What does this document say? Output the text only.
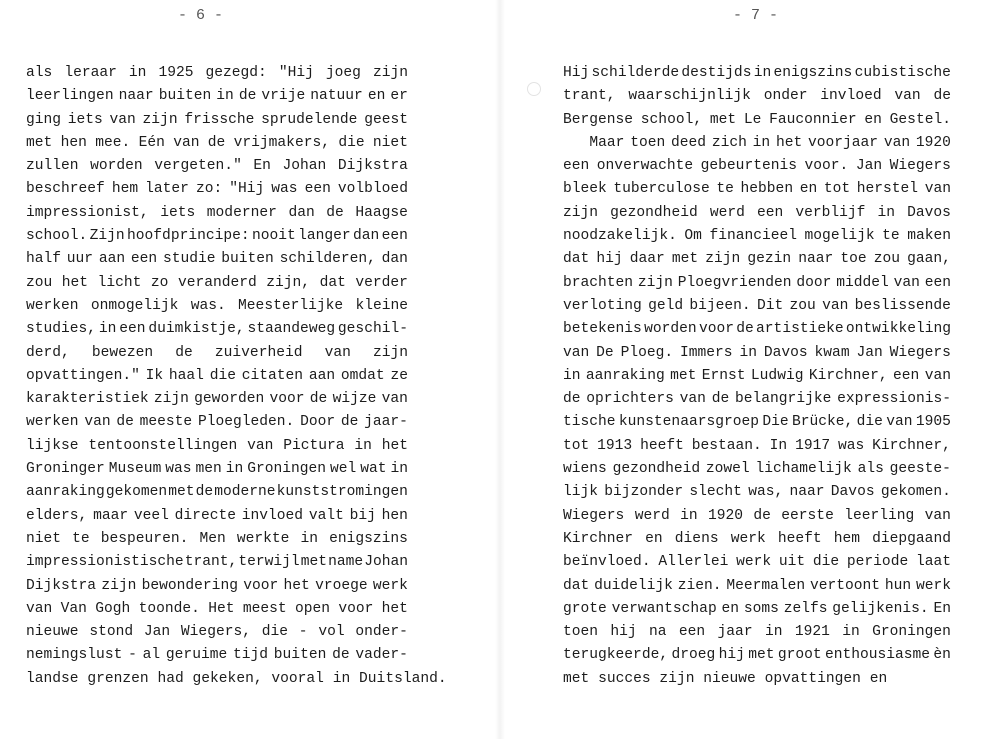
- 6 -
als leraar in 1925 gezegd: "Hij joeg zijn
leerlingen naar buiten in de vrije natuur en er
ging iets van zijn frissche sprudelende geest
met hen mee. Eén van de vrijmakers, die niet
zullen worden vergeten." En Johan Dijkstra
beschreef hem later zo: "Hij was een volbloed
impressionist, iets moderner dan de Haagse
school. Zijn hoofdprincipe: nooit langer dan een
half uur aan een studie buiten schilderen, dan
zou het licht zo veranderd zijn, dat verder
werken onmogelijk was. Meesterlijke kleine
studies, in een duimkistje, staandeweg geschil-
derd, bewezen de zuiverheid van zijn
opvattingen." Ik haal die citaten aan omdat ze
karakteristiek zijn geworden voor de wijze van
werken van de meeste Ploegleden. Door de jaar-
lijkse tentoonstellingen van Pictura in het
Groninger Museum was men in Groningen wel wat in
aanraking gekomen met de moderne kunststromingen
elders, maar veel directe invloed valt bij hen
niet te bespeuren. Men werkte in enigszins
impressionistische trant, terwijl met name Johan
Dijkstra zijn bewondering voor het vroege werk
van Van Gogh toonde. Het meest open voor het
nieuwe stond Jan Wiegers, die - vol onder-
nemingslust - al geruime tijd buiten de vader-
landse grenzen had gekeken, vooral in Duitsland.
- 7 -
Hij schilderde destijds in enigszins cubistische
trant, waarschijnlijk onder invloed van de
Bergense school, met Le Fauconnier en Gestel.
Maar toen deed zich in het voorjaar van 1920
een onverwachte gebeurtenis voor. Jan Wiegers
bleek tuberculose te hebben en tot herstel van
zijn gezondheid werd een verblijf in Davos
noodzakelijk. Om financieel mogelijk te maken
dat hij daar met zijn gezin naar toe zou gaan,
brachten zijn Ploegvrienden door middel van een
verloting geld bijeen. Dit zou van beslissende
betekenis worden voor de artistieke ontwikkeling
van De Ploeg. Immers in Davos kwam Jan Wiegers
in aanraking met Ernst Ludwig Kirchner, een van
de oprichters van de belangrijke expressionis-
tische kunstenaarsgroep Die Brücke, die van 1905
tot 1913 heeft bestaan. In 1917 was Kirchner,
wiens gezondheid zowel lichamelijk als geeste-
lijk bijzonder slecht was, naar Davos gekomen.
Wiegers werd in 1920 de eerste leerling van
Kirchner en diens werk heeft hem diepgaand
beïnvloed. Allerlei werk uit die periode laat
dat duidelijk zien. Meermalen vertoont hun werk
grote verwantschap en soms zelfs gelijkenis. En
toen hij na een jaar in 1921 in Groningen
terugkeerde, droeg hij met groot enthousiasme èn
met succes zijn nieuwe opvattingen en
